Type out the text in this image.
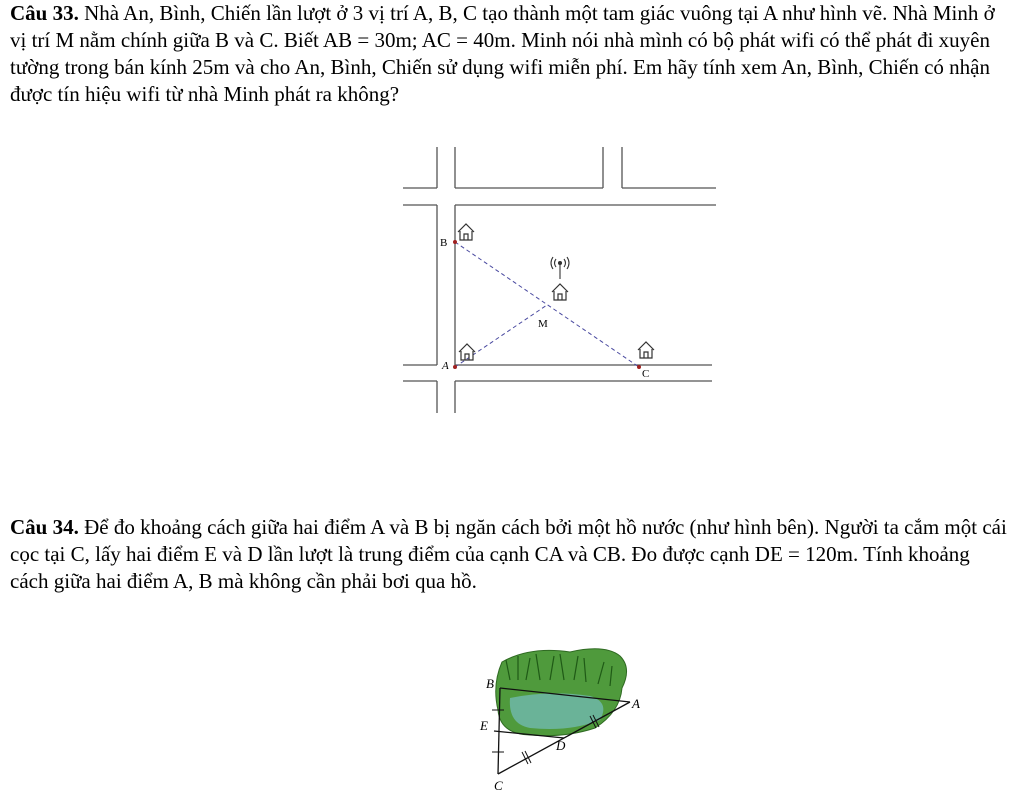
Câu 33. Nhà An, Bình, Chiến lần lượt ở 3 vị trí A, B, C tạo thành một tam giác vuông tại A như hình vẽ. Nhà Minh ở vị trí M nằm chính giữa B và C. Biết AB = 30m; AC = 40m. Minh nói nhà mình có bộ phát wifi có thể phát đi xuyên tường trong bán kính 25m và cho An, Bình, Chiến sử dụng wifi miễn phí. Em hãy tính xem An, Bình, Chiến có nhận được tín hiệu wifi từ nhà Minh phát ra không?
B
M
A
C
Câu 34. Để đo khoảng cách giữa hai điểm A và B bị ngăn cách bởi một hồ nước (như hình bên). Người ta cắm một cái cọc tại C, lấy hai điểm E và D lần lượt là trung điểm của cạnh CA và CB. Đo được cạnh DE = 120m. Tính khoảng cách giữa hai điểm A, B mà không cần phải bơi qua hồ.
B
A
E
D
C
